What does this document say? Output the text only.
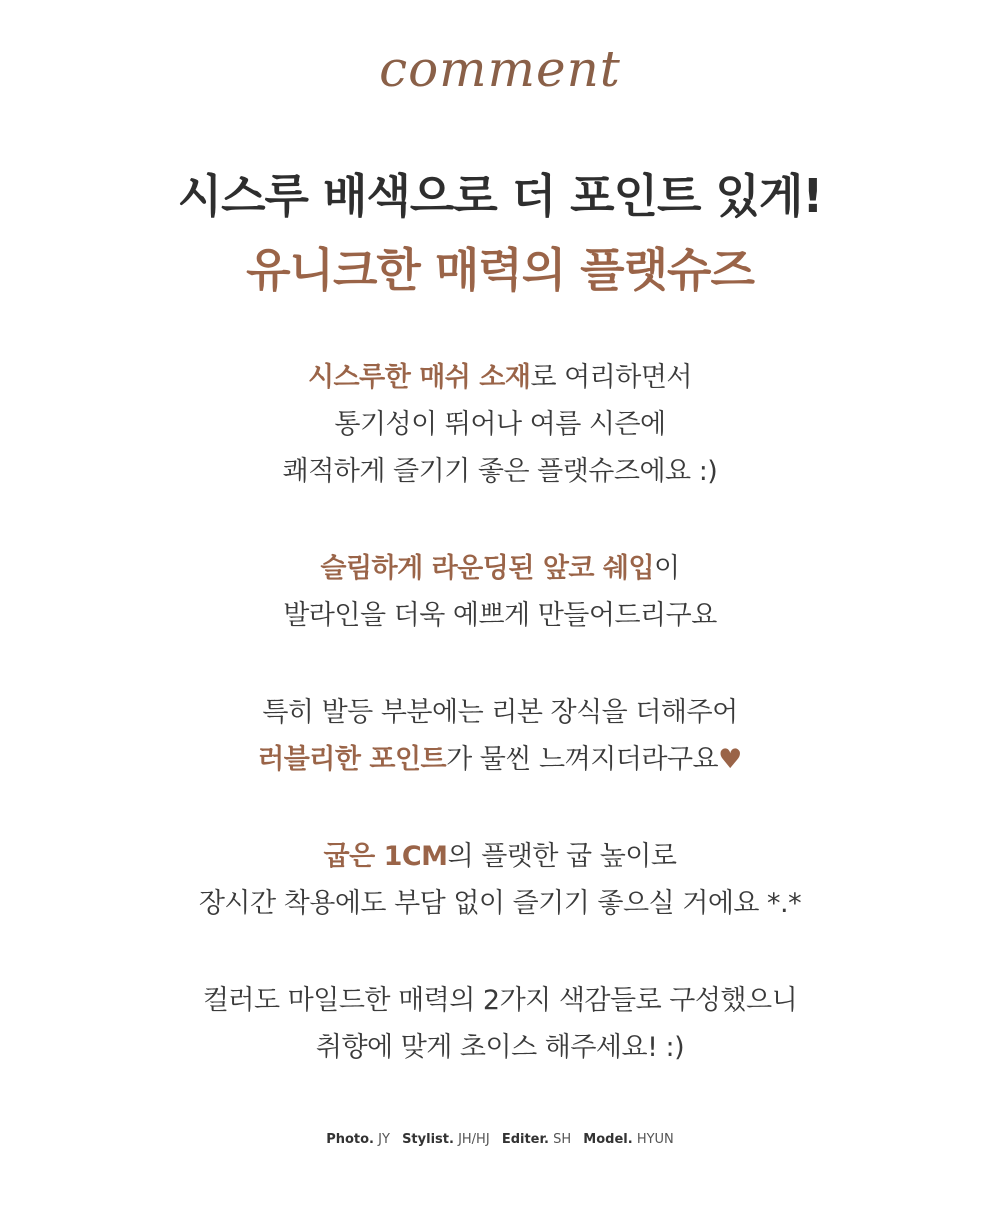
comment
시스루 배색으로 더 포인트 있게!
유니크한 매력의 플랫슈즈
시스루한 매쉬 소재로 여리하면서
통기성이 뛰어나 여름 시즌에
쾌적하게 즐기기 좋은 플랫슈즈에요 :)
슬림하게 라운딩된 앞코 쉐입이
발라인을 더욱 예쁘게 만들어드리구요
특히 발등 부분에는 리본 장식을 더해주어
러블리한 포인트가 물씬 느껴지더라구요♥
굽은 1CM의 플랫한 굽 높이로
장시간 착용에도 부담 없이 즐기기 좋으실 거에요 *.*
컬러도 마일드한 매력의 2가지 색감들로 구성했으니
취향에 맞게 초이스 해주세요! :)
Photo. JY Stylist. JH/HJ Editer. SH Model. HYUN
